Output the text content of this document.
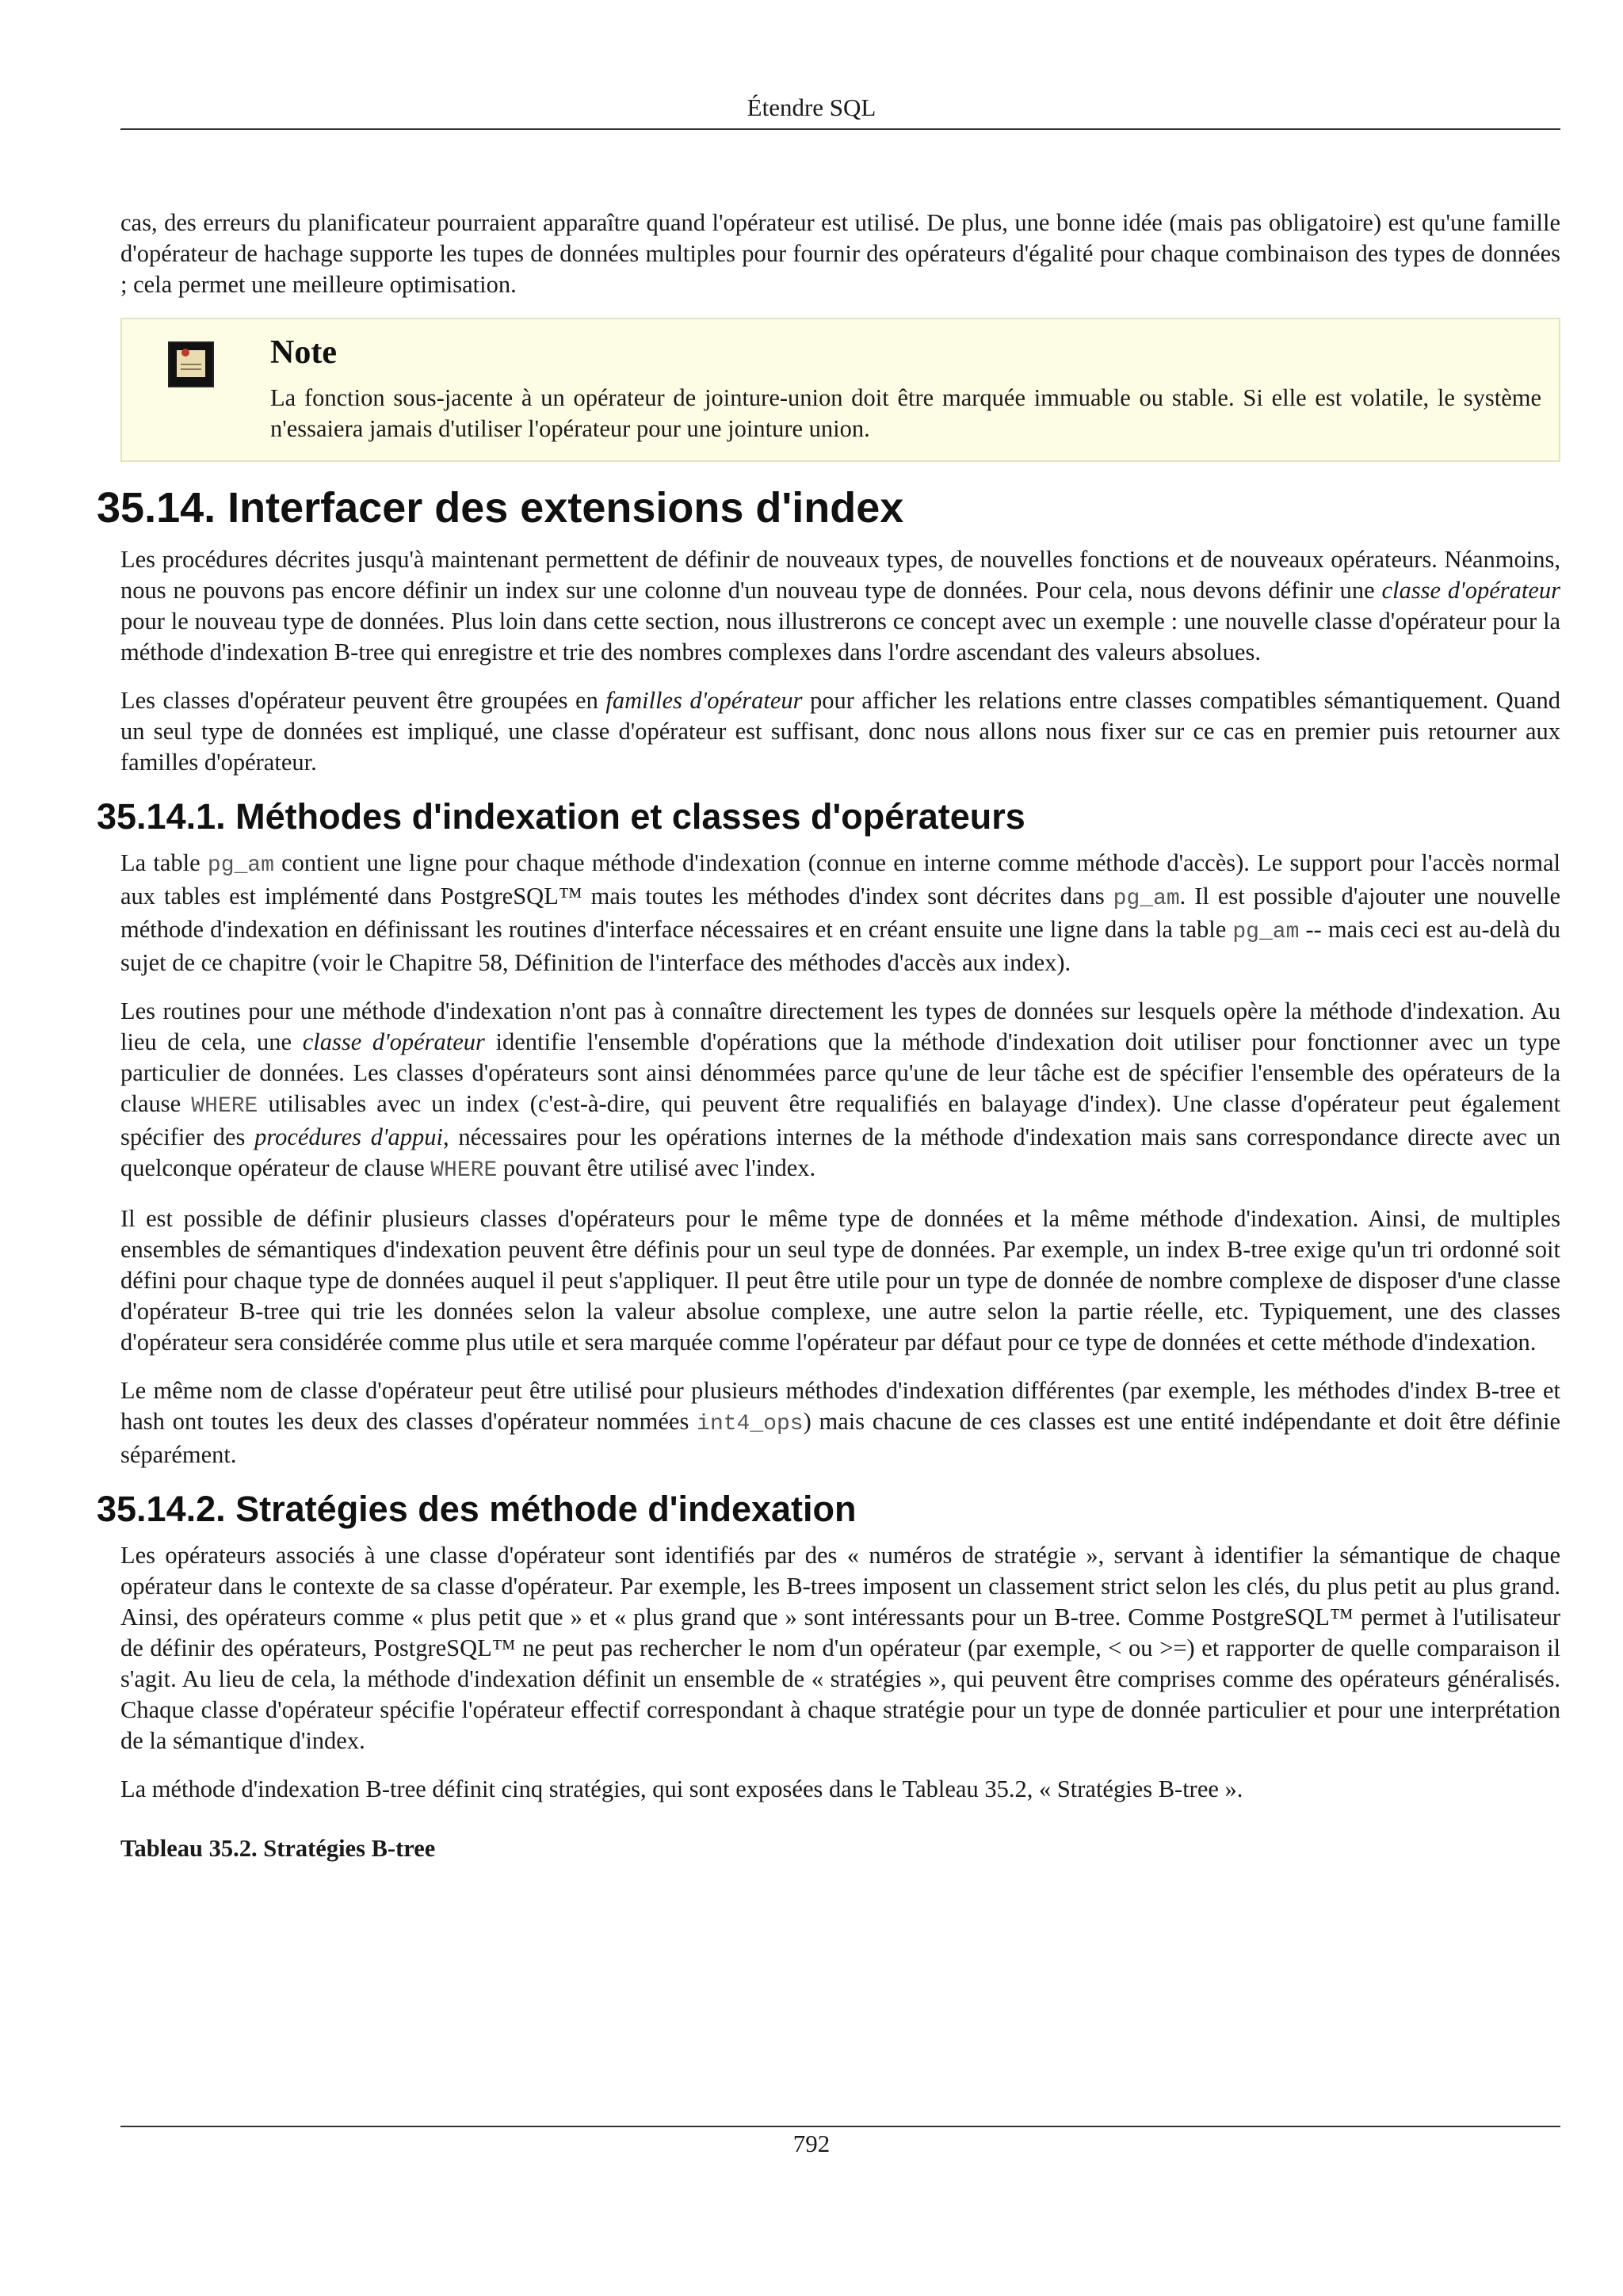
Étendre SQL

cas, des erreurs du planificateur pourraient apparaître quand l'opérateur est utilisé. De plus, une bonne idée (mais pas obligatoire) est qu'une famille d'opérateur de hachage supporte les tupes de données multiples pour fournir des opérateurs d'égalité pour chaque combinaison des types de données ; cela permet une meilleure optimisation.

Note

La fonction sous-jacente à un opérateur de jointure-union doit être marquée immuable ou stable. Si elle est volatile, le système n'essaiera jamais d'utiliser l'opérateur pour une jointure union.

35.14. Interfacer des extensions d'index

Les procédures décrites jusqu'à maintenant permettent de définir de nouveaux types, de nouvelles fonctions et de nouveaux opérateurs. Néanmoins, nous ne pouvons pas encore définir un index sur une colonne d'un nouveau type de données. Pour cela, nous devons définir une classe d'opérateur pour le nouveau type de données. Plus loin dans cette section, nous illustrerons ce concept avec un exemple : une nouvelle classe d'opérateur pour la méthode d'indexation B-tree qui enregistre et trie des nombres complexes dans l'ordre ascendant des valeurs absolues.

Les classes d'opérateur peuvent être groupées en familles d'opérateur pour afficher les relations entre classes compatibles sémantiquement. Quand un seul type de données est impliqué, une classe d'opérateur est suffisant, donc nous allons nous fixer sur ce cas en premier puis retourner aux familles d'opérateur.

35.14.1. Méthodes d'indexation et classes d'opérateurs

La table pg_am contient une ligne pour chaque méthode d'indexation (connue en interne comme méthode d'accès). Le support pour l'accès normal aux tables est implémenté dans PostgreSQL™ mais toutes les méthodes d'index sont décrites dans pg_am. Il est possible d'ajouter une nouvelle méthode d'indexation en définissant les routines d'interface nécessaires et en créant ensuite une ligne dans la table pg_am -- mais ceci est au-delà du sujet de ce chapitre (voir le Chapitre 58, Définition de l'interface des méthodes d'accès aux index).

Les routines pour une méthode d'indexation n'ont pas à connaître directement les types de données sur lesquels opère la méthode d'indexation. Au lieu de cela, une classe d'opérateur identifie l'ensemble d'opérations que la méthode d'indexation doit utiliser pour fonctionner avec un type particulier de données. Les classes d'opérateurs sont ainsi dénommées parce qu'une de leur tâche est de spécifier l'ensemble des opérateurs de la clause WHERE utilisables avec un index (c'est-à-dire, qui peuvent être requalifiés en balayage d'index). Une classe d'opérateur peut également spécifier des procédures d'appui, nécessaires pour les opérations internes de la méthode d'indexation mais sans correspondance directe avec un quelconque opérateur de clause WHERE pouvant être utilisé avec l'index.

Il est possible de définir plusieurs classes d'opérateurs pour le même type de données et la même méthode d'indexation. Ainsi, de multiples ensembles de sémantiques d'indexation peuvent être définis pour un seul type de données. Par exemple, un index B-tree exige qu'un tri ordonné soit défini pour chaque type de données auquel il peut s'appliquer. Il peut être utile pour un type de donnée de nombre complexe de disposer d'une classe d'opérateur B-tree qui trie les données selon la valeur absolue complexe, une autre selon la partie réelle, etc. Typiquement, une des classes d'opérateur sera considérée comme plus utile et sera marquée comme l'opérateur par défaut pour ce type de données et cette méthode d'indexation.

Le même nom de classe d'opérateur peut être utilisé pour plusieurs méthodes d'indexation différentes (par exemple, les méthodes d'index B-tree et hash ont toutes les deux des classes d'opérateur nommées int4_ops) mais chacune de ces classes est une entité indépendante et doit être définie séparément.

35.14.2. Stratégies des méthode d'indexation

Les opérateurs associés à une classe d'opérateur sont identifiés par des « numéros de stratégie », servant à identifier la sémantique de chaque opérateur dans le contexte de sa classe d'opérateur. Par exemple, les B-trees imposent un classement strict selon les clés, du plus petit au plus grand. Ainsi, des opérateurs comme « plus petit que » et « plus grand que » sont intéressants pour un B-tree. Comme PostgreSQL™ permet à l'utilisateur de définir des opérateurs, PostgreSQL™ ne peut pas rechercher le nom d'un opérateur (par exemple, < ou >=) et rapporter de quelle comparaison il s'agit. Au lieu de cela, la méthode d'indexation définit un ensemble de « stratégies », qui peuvent être comprises comme des opérateurs généralisés. Chaque classe d'opérateur spécifie l'opérateur effectif correspondant à chaque stratégie pour un type de donnée particulier et pour une interprétation de la sémantique d'index.

La méthode d'indexation B-tree définit cinq stratégies, qui sont exposées dans le Tableau 35.2, « Stratégies B-tree ».

Tableau 35.2. Stratégies B-tree
792
